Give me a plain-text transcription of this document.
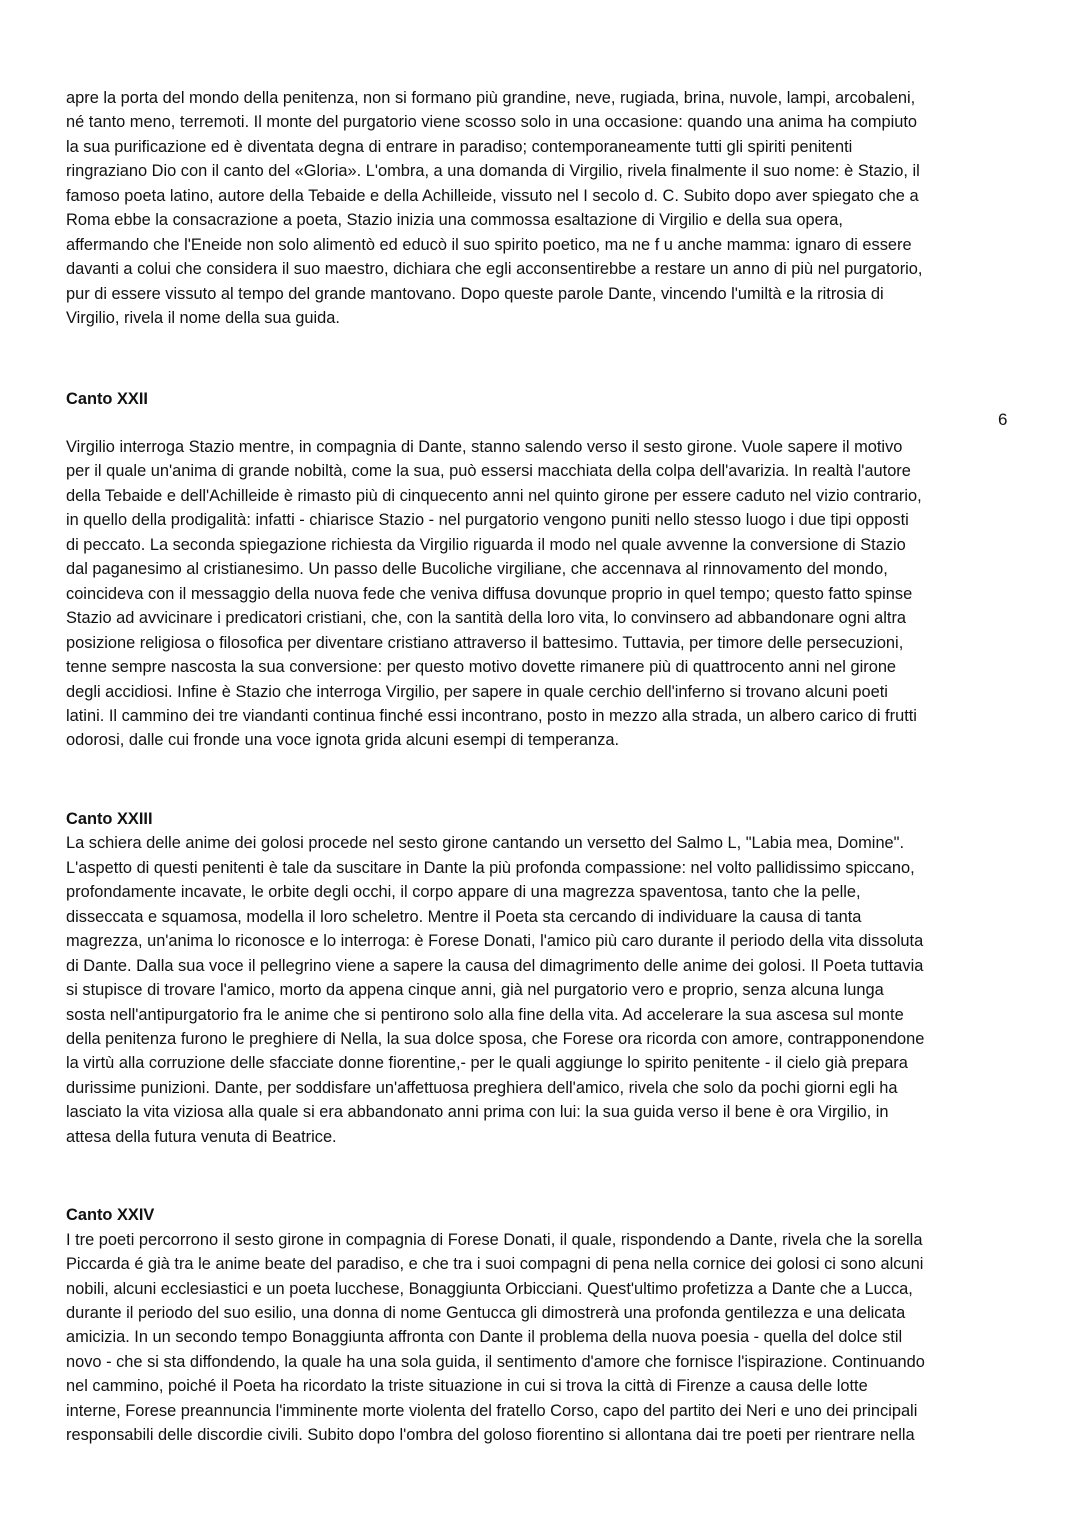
apre la porta del mondo della penitenza, non si formano più grandine, neve, rugiada, brina, nuvole, lampi, arcobaleni,
né tanto meno, terremoti. Il monte del purgatorio viene scosso solo in una occasione: quando una anima ha compiuto
la sua purificazione ed è diventata degna di entrare in paradiso; contemporaneamente tutti gli spiriti penitenti
ringraziano Dio con il canto del «Gloria». L'ombra, a una domanda di Virgilio, rivela finalmente il suo nome: è Stazio, il
famoso poeta latino, autore della Tebaide e della Achilleide, vissuto nel I secolo d. C. Subito dopo aver spiegato che a
Roma ebbe la consacrazione a poeta, Stazio inizia una commossa esaltazione di Virgilio e della sua opera,
affermando che l'Eneide non solo alimentò ed educò il suo spirito poetico, ma ne f u anche mamma: ignaro di essere
davanti a colui che considera il suo maestro, dichiara che egli acconsentirebbe a restare un anno di più nel purgatorio,
pur di essere vissuto al tempo del grande mantovano. Dopo queste parole Dante, vincendo l'umiltà e la ritrosia di
Virgilio, rivela il nome della sua guida.

Canto XXII

Virgilio interroga Stazio mentre, in compagnia di Dante, stanno salendo verso il sesto girone. Vuole sapere il motivo
per il quale un'anima di grande nobiltà, come la sua, può essersi macchiata della colpa dell'avarizia. In realtà l'autore
della Tebaide e dell'Achilleide è rimasto più di cinquecento anni nel quinto girone per essere caduto nel vizio contrario,
in quello della prodigalità: infatti - chiarisce Stazio - nel purgatorio vengono puniti nello stesso luogo i due tipi opposti
di peccato. La seconda spiegazione richiesta da Virgilio riguarda il modo nel quale avvenne la conversione di Stazio
dal paganesimo al cristianesimo. Un passo delle Bucoliche virgiliane, che accennava al rinnovamento del mondo,
coincideva con il messaggio della nuova fede che veniva diffusa dovunque proprio in quel tempo; questo fatto spinse
Stazio ad avvicinare i predicatori cristiani, che, con la santità della loro vita, lo convinsero ad abbandonare ogni altra
posizione religiosa o filosofica per diventare cristiano attraverso il battesimo. Tuttavia, per timore delle persecuzioni,
tenne sempre nascosta la sua conversione: per questo motivo dovette rimanere più di quattrocento anni nel girone
degli accidiosi. Infine è Stazio che interroga Virgilio, per sapere in quale cerchio dell'inferno si trovano alcuni poeti
latini. Il cammino dei tre viandanti continua finché essi incontrano, posto in mezzo alla strada, un albero carico di frutti
odorosi, dalle cui fronde una voce ignota grida alcuni esempi di temperanza.

Canto XXIII

La schiera delle anime dei golosi procede nel sesto girone cantando un versetto del Salmo L, "Labia mea, Domine".
L'aspetto di questi penitenti è tale da suscitare in Dante la più profonda compassione: nel volto pallidissimo spiccano,
profondamente incavate, le orbite degli occhi, il corpo appare di una magrezza spaventosa, tanto che la pelle,
disseccata e squamosa, modella il loro scheletro. Mentre il Poeta sta cercando di individuare la causa di tanta
magrezza, un'anima lo riconosce e lo interroga: è Forese Donati, l'amico più caro durante il periodo della vita dissoluta
di Dante. Dalla sua voce il pellegrino viene a sapere la causa del dimagrimento delle anime dei golosi. Il Poeta tuttavia
si stupisce di trovare l'amico, morto da appena cinque anni, già nel purgatorio vero e proprio, senza alcuna lunga
sosta nell'antipurgatorio fra le anime che si pentirono solo alla fine della vita. Ad accelerare la sua ascesa sul monte
della penitenza furono le preghiere di Nella, la sua dolce sposa, che Forese ora ricorda con amore, contrapponendone
la virtù alla corruzione delle sfacciate donne fiorentine,- per le quali aggiunge lo spirito penitente - il cielo già prepara
durissime punizioni. Dante, per soddisfare un'affettuosa preghiera dell'amico, rivela che solo da pochi giorni egli ha
lasciato la vita viziosa alla quale si era abbandonato anni prima con lui: la sua guida verso il bene è ora Virgilio, in
attesa della futura venuta di Beatrice.

Canto XXIV

I tre poeti percorrono il sesto girone in compagnia di Forese Donati, il quale, rispondendo a Dante, rivela che la sorella
Piccarda é già tra le anime beate del paradiso, e che tra i suoi compagni di pena nella cornice dei golosi ci sono alcuni
nobili, alcuni ecclesiastici e un poeta lucchese, Bonaggiunta Orbicciani. Quest'ultimo profetizza a Dante che a Lucca,
durante il periodo del suo esilio, una donna di nome Gentucca gli dimostrerà una profonda gentilezza e una delicata
amicizia. In un secondo tempo Bonaggiunta affronta con Dante il problema della nuova poesia - quella del dolce stil
novo - che si sta diffondendo, la quale ha una sola guida, il sentimento d'amore che fornisce l'ispirazione. Continuando
nel cammino, poiché il Poeta ha ricordato la triste situazione in cui si trova la città di Firenze a causa delle lotte
interne, Forese preannuncia l'imminente morte violenta del fratello Corso, capo del partito dei Neri e uno dei principali
responsabili delle discordie civili. Subito dopo l'ombra del goloso fiorentino si allontana dai tre poeti per rientrare nella

6
